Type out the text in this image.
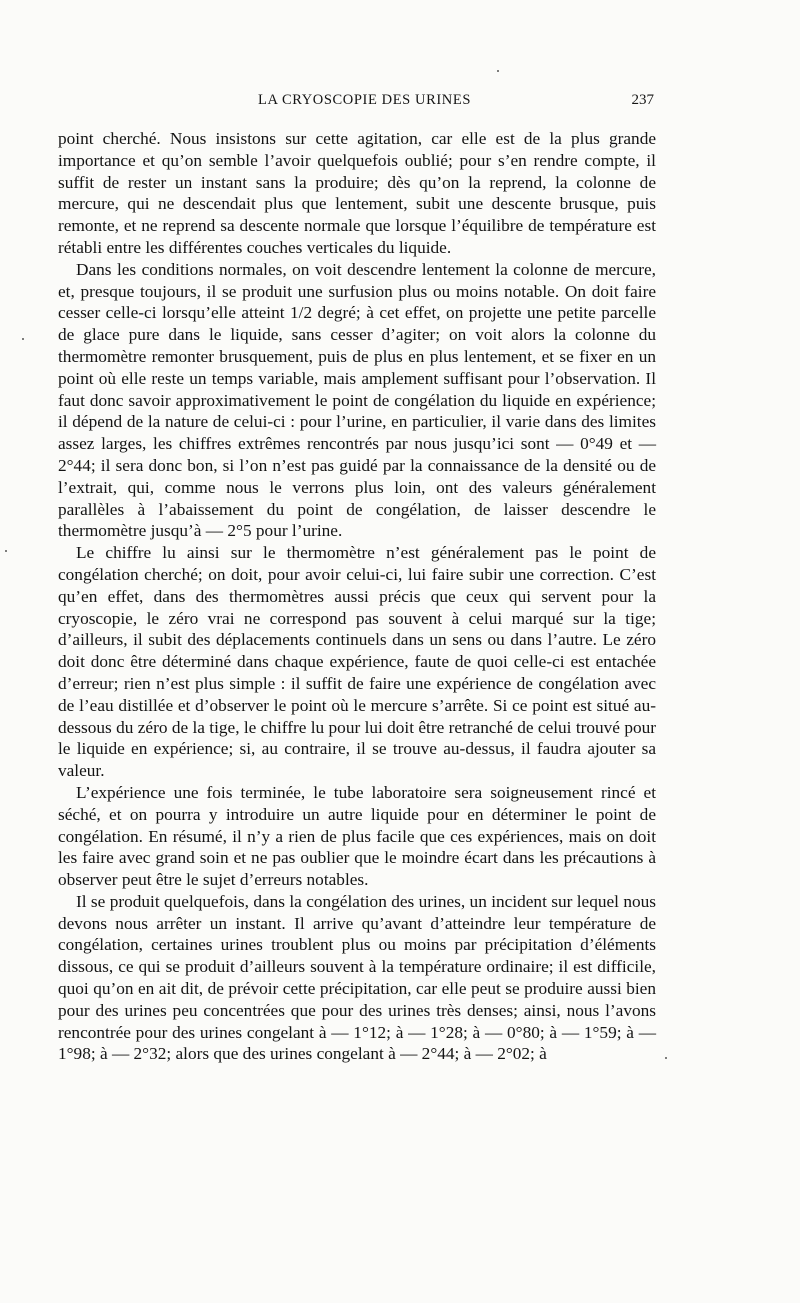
LA CRYOSCOPIE DES URINES	237

point cherché. Nous insistons sur cette agitation, car elle est de la plus grande importance et qu’on semble l’avoir quelquefois oublié; pour s’en rendre compte, il suffit de rester un instant sans la produire; dès qu’on la reprend, la colonne de mercure, qui ne descendait plus que lentement, subit une descente brusque, puis remonte, et ne reprend sa descente normale que lorsque l’équilibre de température est rétabli entre les différentes couches verticales du liquide.

Dans les conditions normales, on voit descendre lentement la colonne de mercure, et, presque toujours, il se produit une surfusion plus ou moins notable. On doit faire cesser celle-ci lorsqu’elle atteint 1/2 degré; à cet effet, on projette une petite parcelle de glace pure dans le liquide, sans cesser d’agiter; on voit alors la colonne du thermomètre remonter brusquement, puis de plus en plus lentement, et se fixer en un point où elle reste un temps variable, mais amplement suffisant pour l’observation. Il faut donc savoir approximativement le point de congélation du liquide en expérience; il dépend de la nature de celui-ci : pour l’urine, en particulier, il varie dans des limites assez larges, les chiffres extrêmes rencontrés par nous jusqu’ici sont — 0°49 et — 2°44; il sera donc bon, si l’on n’est pas guidé par la connaissance de la densité ou de l’extrait, qui, comme nous le verrons plus loin, ont des valeurs généralement parallèles à l’abaissement du point de congélation, de laisser descendre le thermomètre jusqu’à — 2°5 pour l’urine.

Le chiffre lu ainsi sur le thermomètre n’est généralement pas le point de congélation cherché; on doit, pour avoir celui-ci, lui faire subir une correction. C’est qu’en effet, dans des thermomètres aussi précis que ceux qui servent pour la cryoscopie, le zéro vrai ne correspond pas souvent à celui marqué sur la tige; d’ailleurs, il subit des déplacements continuels dans un sens ou dans l’autre. Le zéro doit donc être déterminé dans chaque expérience, faute de quoi celle-ci est entachée d’erreur; rien n’est plus simple : il suffit de faire une expérience de congélation avec de l’eau distillée et d’observer le point où le mercure s’arrête. Si ce point est situé au-dessous du zéro de la tige, le chiffre lu pour lui doit être retranché de celui trouvé pour le liquide en expérience; si, au contraire, il se trouve au-dessus, il faudra ajouter sa valeur.

L’expérience une fois terminée, le tube laboratoire sera soigneusement rincé et séché, et on pourra y introduire un autre liquide pour en déterminer le point de congélation. En résumé, il n’y a rien de plus facile que ces expériences, mais on doit les faire avec grand soin et ne pas oublier que le moindre écart dans les précautions à observer peut être le sujet d’erreurs notables.

Il se produit quelquefois, dans la congélation des urines, un incident sur lequel nous devons nous arrêter un instant. Il arrive qu’avant d’atteindre leur température de congélation, certaines urines troublent plus ou moins par précipitation d’éléments dissous, ce qui se produit d’ailleurs souvent à la température ordinaire; il est difficile, quoi qu’on en ait dit, de prévoir cette précipitation, car elle peut se produire aussi bien pour des urines peu concentrées que pour des urines très denses; ainsi, nous l’avons rencontrée pour des urines congelant à — 1°12; à — 1°28; à — 0°80; à — 1°59; à — 1°98; à — 2°32; alors que des urines congelant à — 2°44; à — 2°02; à
